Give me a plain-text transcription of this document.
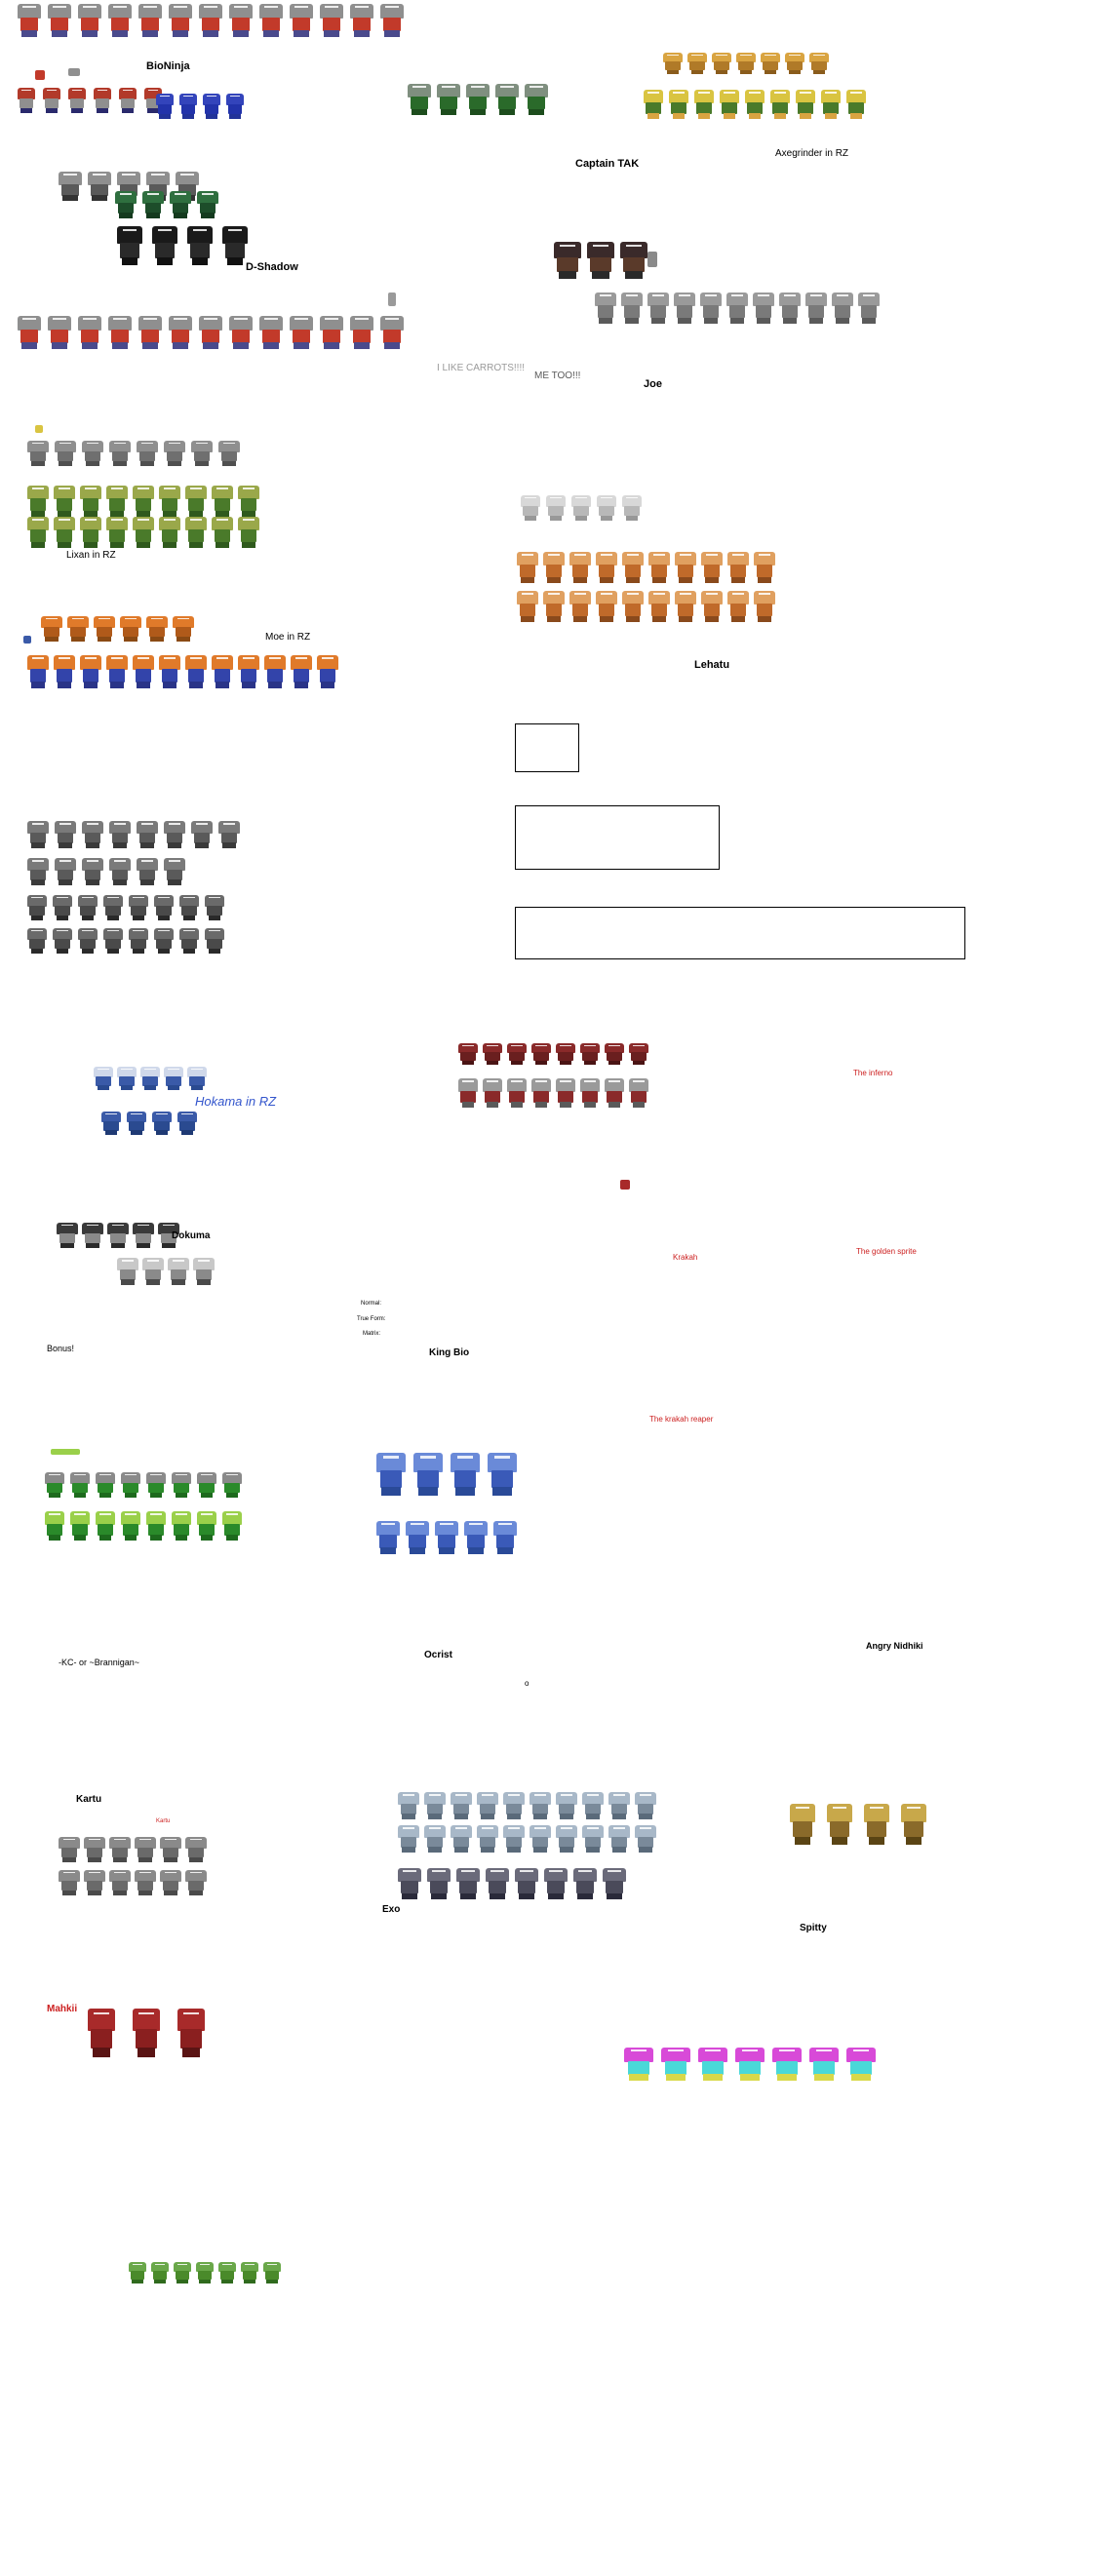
BioNinja
Captain TAK
Axegrinder in RZ
D-Shadow
Joe
I LIKE CARROTS!!!!
ME TOO!!!
Lixan in RZ
Moe in RZ
Lehatu
Hokama in RZ
Dokuma
Bonus!	King Bio
Normal:
True Form:
Matrix:
The inferno
Krakah
The golden sprite
The krakah reaper
-KC- or ~Brannigan~
Ocrist
o
Angry Nidhiki
Kartu
Kartu
Exo
Spitty
Mahkii
